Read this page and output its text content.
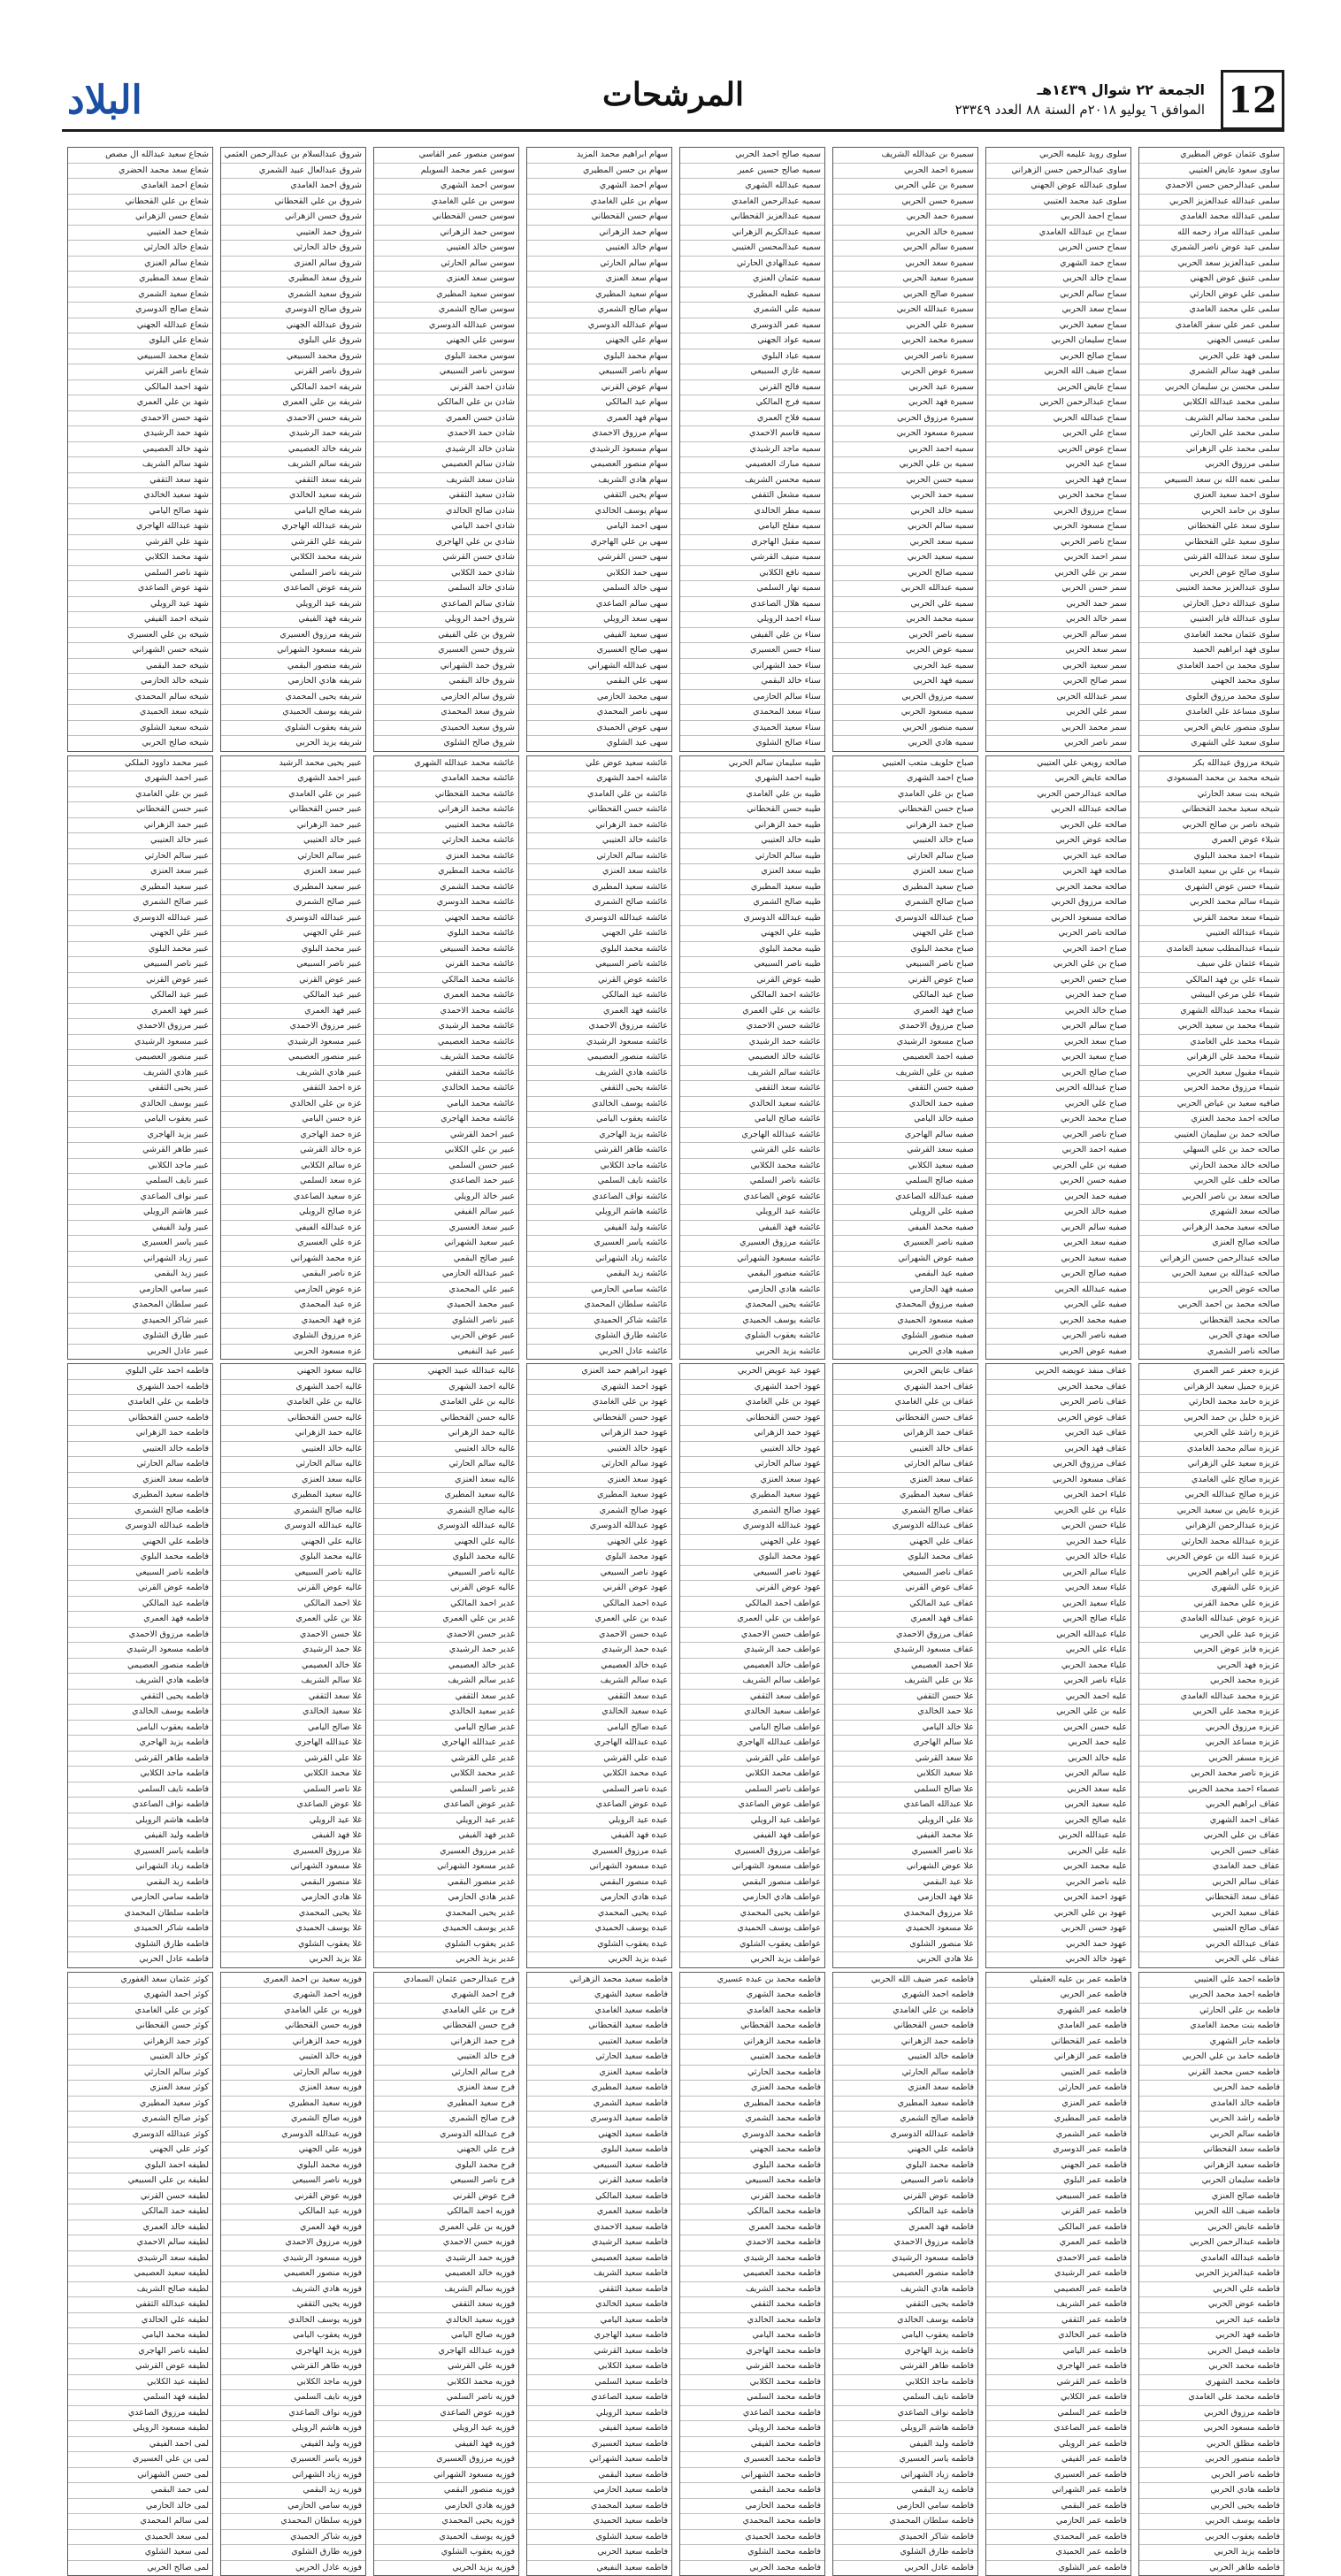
12
الجمعة ٢٢ شوال ١٤٣٩هـ
الموافق ٦ يوليو ٢٠١٨م السنة ٨٨ العدد ٢٣٣٤٩
المرشحات
البلاد
سلوى عثمان عوض المطيري
ساوى سعود عايض العتيبي
سلمى عبدالرحمن حسن الاحمدي
سلمى عبدالله عبدالعزيز الحربي
سلمى عبدالله محمد الغامدي
سلمى عبدالله مراد رحمه الله
سلمى عيد عوض ناصر الشمري
سلمى عبدالعزيز سعد الحربي
سلمى عتيق عوض الجهني
سلمى علي عوض الحارثي
سلمى علي محمد الغامدي
سلمى عمر علي سفر الغامدي
سلمى عيسى الجهني
سلمى فهد علي الحربي
سلمى فهيد سالم الشمري
سلمى محسن بن سليمان الحربي
سلمى محمد عبدالله الكلابي
سلمى محمد سالم الشريف
سلمى محمد علي الحارثي
سلمى محمد علي الزهراني
سلمى مرزوق الحربي
سلمى نعمه الله بن سعد السبيعي
سلوى احمد سعيد العنزي
سلوى بن حامد الحربي
سلوى سعد علي القحطاني
سلوى سعيد علي القحطاني
سلوى سعد عبدالله القرشي
سلوى صالح عوض الحربي
سلوى عبدالعزيز محمد العتيبي
سلوى عبدالله دخيل الحارثي
سلوى عبدالله فايز العتيبي
سلوى عثمان محمد الغامدي
سلوى فهد ابراهيم الحميد
سلوى محمد بن احمد الغامدي
سلوى محمد الجهني
سلوى محمد مرزوق العلوي
سلوى مساعد علي الغامدي
سلوى منصور عايض الحربي
سلوى سعيد علي الشهري
شيخة مرزوق عبدالله بكر
شيخه محمد بن محمد المسعودي
شيخه بنت سعد الحارثي
شيخه سعيد محمد القحطاني
شيخه ناصر بن صالح الحربي
شيلاء عوض العمري
شيماء احمد محمد البلوي
شيماء بن علي بن سعيد الغامدي
شيماء حسن عوض الشهري
شيماء سالم محمد الحربي
شيماء سعد محمد القرني
شيماء عبدالله العتيبي
شيماء عبدالمطلب سعيد الغامدي
شيماء عثمان علي سيف
شيماء علي بن فهد المالكي
شيماء علي مرعي البيشي
شيماء محمد عبدالله الشهري
شيماء محمد بن سعيد الحربي
شيماء محمد علي الغامدي
شيماء محمد علي الزهراني
شيماء مقبول سعيد الحربي
شيماء مرزوق محمد الحربي
صافيه سعيد بن عياض الحربي
صالحه احمد محمد العنزي
صالحه حمد بن سليمان العتيبي
صالحه حمد بن علي السهلي
صالحه خالد محمد الحارثي
صالحه خلف علي الحربي
صالحه سعد بن ناصر الحربي
صالحه سعد الشهري
صالحه سعيد محمد الزهراني
صالحه صالح العنزي
صالحه عبدالرحمن حسين الزهراني
صالحه عبدالله بن سعيد الحربي
صالحه عوض الحربي
صالحه محمد بن احمد الحربي
صالحه محمد القحطاني
صالحه مهدي الحربي
صالحه ناصر الشمري
عزيزه جعفر عمر العمري
عزيزه جميل سعيد الزهراني
عزيزه حامد محمد الحارثي
عزيزه خليل بن حمد الحربي
عزيزه راشد علي الحربي
عزيزه سالم محمد الغامدي
عزيزه سعيد علي الزهراني
عزيزه صالح علي الغامدي
عزيزه صالح عبدالله الحربي
عزيزه عايض بن سعيد الحربي
عزيزه عبدالرحمن الزهراني
عزيزه عبدالله محمد الحارثي
عزيزه عبيد الله بن عوض الحربي
عزيزه علي ابراهيم الحربي
عزيزه علي الشهري
عزيزه علي محمد القرني
عزيزه عوض عبدالله الغامدي
عزيزه عيد علي الحربي
عزيزه فايز عوض الحربي
عزيزه فهد الحربي
عزيزه محمد الحربي
عزيزه محمد عبدالله الغامدي
عزيزه محمد علي الحربي
عزيزه مرزوق الحربي
عزيزه مساعد الحربي
عزيزه مسفر الحربي
عزيزه ناصر محمد الحربي
عصماء احمد محمد الحربي
عفاف ابراهيم الحربي
عفاف احمد الشهري
عفاف بن علي الحربي
عفاف حسن الحربي
عفاف حمد الغامدي
عفاف سالم الحربي
عفاف سعد القحطاني
عفاف سعيد الحربي
عفاف صالح العتيبي
عفاف عبدالله الحربي
عفاف علي الحربي
فاطمه احمد علي العتيبي
فاطمه احمد محمد الحربي
فاطمه بن علي الحارثي
فاطمه بنت محمد الغامدي
فاطمه جابر الشهري
فاطمه حامد بن علي الحربي
فاطمه حسن محمد القرني
فاطمه حمد الحربي
فاطمه خالد الغامدي
فاطمه راشد الحربي
فاطمه سالم الحربي
فاطمه سعد القحطاني
فاطمه سعيد الزهراني
فاطمه سليمان الحربي
فاطمه صالح العنزي
فاطمه ضيف الله الحربي
فاطمه عايض الحربي
فاطمه عبدالرحمن الحربي
فاطمه عبدالله الغامدي
فاطمه عبدالعزيز الحربي
فاطمه علي الحربي
فاطمه عوض الحربي
فاطمه عيد الحربي
فاطمه فهد الحربي
فاطمه فيصل الحربي
فاطمه محمد الحربي
فاطمه محمد الشهري
فاطمه محمد علي الغامدي
فاطمه مرزوق الحربي
فاطمه مسعود الحربي
فاطمه مطلق الحربي
فاطمه منصور الحربي
فاطمه ناصر الحربي
فاطمه هادي الحربي
فاطمه يحيى الحربي
فاطمه يوسف الحربي
فاطمه يعقوب الحربي
فاطمه يزيد الحربي
فاطمه طاهر الحربي
سلوى رويد عليمه الحربي
ساوى عبدالرحمن حسن الزهراني
سلوى عبدالله عوض الجهني
سلوى عيد محمد العتيبي
سماح احمد الحربي
سماح بن عبدالله الغامدي
سماح حسن الحربي
سماح حمد الشهري
سماح خالد الحربي
سماح سالم الحربي
سماح سعد الحربي
سماح سعيد الحربي
سماح سليمان الحربي
سماح صالح الحربي
سماح ضيف الله الحربي
سماح عايض الحربي
سماح عبدالرحمن الحربي
سماح عبدالله الحربي
سماح علي الحربي
سماح عوض الحربي
سماح عيد الحربي
سماح فهد الحربي
سماح محمد الحربي
سماح مرزوق الحربي
سماح مسعود الحربي
سماح ناصر الحربي
سمر احمد الحربي
سمر بن علي الحربي
سمر حسن الحربي
سمر حمد الحربي
سمر خالد الحربي
سمر سالم الحربي
سمر سعد الحربي
سمر سعيد الحربي
سمر صالح الحربي
سمر عبدالله الحربي
سمر علي الحربي
سمر محمد الحربي
سمر ناصر الحربي
صالحه رويعي علي العتيبي
صالحه عايض الحربي
صالحه عبدالرحمن الحربي
صالحه عبدالله الحربي
صالحه علي الحربي
صالحه عوض الحربي
صالحه عيد الحربي
صالحه فهد الحربي
صالحه محمد الحربي
صالحه مرزوق الحربي
صالحه مسعود الحربي
صالحه ناصر الحربي
صباح احمد الحربي
صباح بن علي الحربي
صباح حسن الحربي
صباح حمد الحربي
صباح خالد الحربي
صباح سالم الحربي
صباح سعد الحربي
صباح سعيد الحربي
صباح صالح الحربي
صباح عبدالله الحربي
صباح علي الحربي
صباح محمد الحربي
صباح ناصر الحربي
صفيه احمد الحربي
صفيه بن علي الحربي
صفيه حسن الحربي
صفيه حمد الحربي
صفيه خالد الحربي
صفيه سالم الحربي
صفيه سعد الحربي
صفيه سعيد الحربي
صفيه صالح الحربي
صفيه عبدالله الحربي
صفيه علي الحربي
صفيه محمد الحربي
صفيه ناصر الحربي
صفيه عوض الحربي
عفاف منفذ عويضه الحربي
عفاف محمد الحربي
عفاف ناصر الحربي
عفاف عوض الحربي
عفاف عيد الحربي
عفاف فهد الحربي
عفاف مرزوق الحربي
عفاف مسعود الحربي
علياء احمد الحربي
علياء بن علي الحربي
علياء حسن الحربي
علياء حمد الحربي
علياء خالد الحربي
علياء سالم الحربي
علياء سعد الحربي
علياء سعيد الحربي
علياء صالح الحربي
علياء عبدالله الحربي
علياء علي الحربي
علياء محمد الحربي
علياء ناصر الحربي
عليه احمد الحربي
عليه بن علي الحربي
عليه حسن الحربي
عليه حمد الحربي
عليه خالد الحربي
عليه سالم الحربي
عليه سعد الحربي
عليه سعيد الحربي
عليه صالح الحربي
عليه عبدالله الحربي
عليه علي الحربي
عليه محمد الحربي
عليه ناصر الحربي
عهود احمد الحربي
عهود بن علي الحربي
عهود حسن الحربي
عهود حمد الحربي
عهود خالد الحربي
فاطمه عمر بن عليه العقيلي
فاطمه عمر الحربي
فاطمه عمر الشهري
فاطمه عمر الغامدي
فاطمه عمر القحطاني
فاطمه عمر الزهراني
فاطمه عمر العتيبي
فاطمه عمر الحارثي
فاطمه عمر العنزي
فاطمه عمر المطيري
فاطمه عمر الشمري
فاطمه عمر الدوسري
فاطمه عمر الجهني
فاطمه عمر البلوي
فاطمه عمر السبيعي
فاطمه عمر القرني
فاطمه عمر المالكي
فاطمه عمر العمري
فاطمه عمر الاحمدي
فاطمه عمر الرشيدي
فاطمه عمر العصيمي
فاطمه عمر الشريف
فاطمه عمر الثقفي
فاطمه عمر الخالدي
فاطمه عمر اليامي
فاطمه عمر الهاجري
فاطمه عمر القرشي
فاطمه عمر الكلابي
فاطمه عمر السلمي
فاطمه عمر الصاعدي
فاطمه عمر الرويلي
فاطمه عمر الفيفي
فاطمه عمر العسيري
فاطمه عمر الشهراني
فاطمه عمر البقمي
فاطمه عمر الحازمي
فاطمه عمر المحمدي
فاطمه عمر الحميدي
فاطمه عمر الشلوي
سميرة بن عبدالله الشريف
سميرة احمد الحربي
سميرة بن علي الحربي
سميرة حسن الحربي
سميرة حمد الحربي
سميرة خالد الحربي
سميرة سالم الحربي
سميرة سعد الحربي
سميرة سعيد الحربي
سميرة صالح الحربي
سميرة عبدالله الحربي
سميرة علي الحربي
سميرة محمد الحربي
سميرة ناصر الحربي
سميرة عوض الحربي
سميرة عيد الحربي
سميرة فهد الحربي
سميرة مرزوق الحربي
سميرة مسعود الحربي
سميه احمد الحربي
سميه بن علي الحربي
سميه حسن الحربي
سميه حمد الحربي
سميه خالد الحربي
سميه سالم الحربي
سميه سعد الحربي
سميه سعيد الحربي
سميه صالح الحربي
سميه عبدالله الحربي
سميه علي الحربي
سميه محمد الحربي
سميه ناصر الحربي
سميه عوض الحربي
سميه عيد الحربي
سميه فهد الحربي
سميه مرزوق الحربي
سميه مسعود الحربي
سميه منصور الحربي
سميه هادي الحربي
صباح حلويف متعب العتيبي
صباح احمد الشهري
صباح بن علي الغامدي
صباح حسن القحطاني
صباح حمد الزهراني
صباح خالد العتيبي
صباح سالم الحارثي
صباح سعد العنزي
صباح سعيد المطيري
صباح صالح الشمري
صباح عبدالله الدوسري
صباح علي الجهني
صباح محمد البلوي
صباح ناصر السبيعي
صباح عوض القرني
صباح عيد المالكي
صباح فهد العمري
صباح مرزوق الاحمدي
صباح مسعود الرشيدي
صفيه احمد العصيمي
صفيه بن علي الشريف
صفيه حسن الثقفي
صفيه حمد الخالدي
صفيه خالد اليامي
صفيه سالم الهاجري
صفيه سعد القرشي
صفيه سعيد الكلابي
صفيه صالح السلمي
صفيه عبدالله الصاعدي
صفيه علي الرويلي
صفيه محمد الفيفي
صفيه ناصر العسيري
صفيه عوض الشهراني
صفيه عيد البقمي
صفيه فهد الحازمي
صفيه مرزوق المحمدي
صفيه مسعود الحميدي
صفيه منصور الشلوي
صفيه هادي الحربي
عفاف عايض الحربي
عفاف احمد الشهري
عفاف بن علي الغامدي
عفاف حسن القحطاني
عفاف حمد الزهراني
عفاف خالد العتيبي
عفاف سالم الحارثي
عفاف سعد العنزي
عفاف سعيد المطيري
عفاف صالح الشمري
عفاف عبدالله الدوسري
عفاف علي الجهني
عفاف محمد البلوي
عفاف ناصر السبيعي
عفاف عوض القرني
عفاف عيد المالكي
عفاف فهد العمري
عفاف مرزوق الاحمدي
عفاف مسعود الرشيدي
علا احمد العصيمي
علا بن علي الشريف
علا حسن الثقفي
علا حمد الخالدي
علا خالد اليامي
علا سالم الهاجري
علا سعد القرشي
علا سعيد الكلابي
علا صالح السلمي
علا عبدالله الصاعدي
علا علي الرويلي
علا محمد الفيفي
علا ناصر العسيري
علا عوض الشهراني
علا عيد البقمي
علا فهد الحازمي
علا مرزوق المحمدي
علا مسعود الحميدي
علا منصور الشلوي
علا هادي الحربي
فاطمه عمر ضيف الله الحربي
فاطمه احمد الشهري
فاطمه بن علي الغامدي
فاطمه حسن القحطاني
فاطمه حمد الزهراني
فاطمه خالد العتيبي
فاطمه سالم الحارثي
فاطمه سعد العنزي
فاطمه سعيد المطيري
فاطمه صالح الشمري
فاطمه عبدالله الدوسري
فاطمه علي الجهني
فاطمه محمد البلوي
فاطمه ناصر السبيعي
فاطمه عوض القرني
فاطمه عيد المالكي
فاطمه فهد العمري
فاطمه مرزوق الاحمدي
فاطمه مسعود الرشيدي
فاطمه منصور العصيمي
فاطمه هادي الشريف
فاطمه يحيى الثقفي
فاطمه يوسف الخالدي
فاطمه يعقوب اليامي
فاطمه يزيد الهاجري
فاطمه طاهر القرشي
فاطمه ماجد الكلابي
فاطمه نايف السلمي
فاطمه نواف الصاعدي
فاطمه هاشم الرويلي
فاطمه وليد الفيفي
فاطمه ياسر العسيري
فاطمه زياد الشهراني
فاطمه زيد البقمي
فاطمه سامي الحازمي
فاطمه سلطان المحمدي
فاطمه شاكر الحميدي
فاطمه طارق الشلوي
فاطمه عادل الحربي
سميه صالح احمد الحربي
سميه صالح حسين عمير
سميه عبدالله الشهري
سميه عبدالرحمن الغامدي
سميه عبدالعزيز القحطاني
سميه عبدالكريم الزهراني
سميه عبدالمحسن العتيبي
سميه عبدالهادي الحارثي
سميه عثمان العنزي
سميه عطيه المطيري
سميه علي الشمري
سميه عمر الدوسري
سميه عواد الجهني
سميه عياد البلوي
سميه غازي السبيعي
سميه فالح القرني
سميه فرج المالكي
سميه فلاح العمري
سميه قاسم الاحمدي
سميه ماجد الرشيدي
سميه مبارك العصيمي
سميه محسن الشريف
سميه مشعل الثقفي
سميه مطر الخالدي
سميه مفلح اليامي
سميه مقبل الهاجري
سميه منيف القرشي
سميه نافع الكلابي
سميه نهار السلمي
سميه هلال الصاعدي
سناء احمد الرويلي
سناء بن علي الفيفي
سناء حسن العسيري
سناء حمد الشهراني
سناء خالد البقمي
سناء سالم الحازمي
سناء سعد المحمدي
سناء سعيد الحميدي
سناء صالح الشلوي
طيبه سليمان سالم الحربي
طيبه احمد الشهري
طيبه بن علي الغامدي
طيبه حسن القحطاني
طيبه حمد الزهراني
طيبه خالد العتيبي
طيبه سالم الحارثي
طيبه سعد العنزي
طيبه سعيد المطيري
طيبه صالح الشمري
طيبه عبدالله الدوسري
طيبه علي الجهني
طيبه محمد البلوي
طيبه ناصر السبيعي
طيبه عوض القرني
عائشه احمد المالكي
عائشه بن علي العمري
عائشه حسن الاحمدي
عائشه حمد الرشيدي
عائشه خالد العصيمي
عائشه سالم الشريف
عائشه سعد الثقفي
عائشه سعيد الخالدي
عائشه صالح اليامي
عائشه عبدالله الهاجري
عائشه علي القرشي
عائشه محمد الكلابي
عائشه ناصر السلمي
عائشه عوض الصاعدي
عائشه عيد الرويلي
عائشه فهد الفيفي
عائشه مرزوق العسيري
عائشه مسعود الشهراني
عائشه منصور البقمي
عائشه هادي الحازمي
عائشه يحيى المحمدي
عائشه يوسف الحميدي
عائشه يعقوب الشلوي
عائشه يزيد الحربي
عهود عيد عويض الحربي
عهود احمد الشهري
عهود بن علي الغامدي
عهود حسن القحطاني
عهود حمد الزهراني
عهود خالد العتيبي
عهود سالم الحارثي
عهود سعد العنزي
عهود سعيد المطيري
عهود صالح الشمري
عهود عبدالله الدوسري
عهود علي الجهني
عهود محمد البلوي
عهود ناصر السبيعي
عهود عوض القرني
عواطف احمد المالكي
عواطف بن علي العمري
عواطف حسن الاحمدي
عواطف حمد الرشيدي
عواطف خالد العصيمي
عواطف سالم الشريف
عواطف سعد الثقفي
عواطف سعيد الخالدي
عواطف صالح اليامي
عواطف عبدالله الهاجري
عواطف علي القرشي
عواطف محمد الكلابي
عواطف ناصر السلمي
عواطف عوض الصاعدي
عواطف عيد الرويلي
عواطف فهد الفيفي
عواطف مرزوق العسيري
عواطف مسعود الشهراني
عواطف منصور البقمي
عواطف هادي الحازمي
عواطف يحيى المحمدي
عواطف يوسف الحميدي
عواطف يعقوب الشلوي
عواطف يزيد الحربي
فاطمه محمد بن عبده عسيري
فاطمه محمد الشهري
فاطمه محمد الغامدي
فاطمه محمد القحطاني
فاطمه محمد الزهراني
فاطمه محمد العتيبي
فاطمه محمد الحارثي
فاطمه محمد العنزي
فاطمه محمد المطيري
فاطمه محمد الشمري
فاطمه محمد الدوسري
فاطمه محمد الجهني
فاطمه محمد البلوي
فاطمه محمد السبيعي
فاطمه محمد القرني
فاطمه محمد المالكي
فاطمه محمد العمري
فاطمه محمد الاحمدي
فاطمه محمد الرشيدي
فاطمه محمد العصيمي
فاطمه محمد الشريف
فاطمه محمد الثقفي
فاطمه محمد الخالدي
فاطمه محمد اليامي
فاطمه محمد الهاجري
فاطمه محمد القرشي
فاطمه محمد الكلابي
فاطمه محمد السلمي
فاطمه محمد الصاعدي
فاطمه محمد الرويلي
فاطمه محمد الفيفي
فاطمه محمد العسيري
فاطمه محمد الشهراني
فاطمه محمد البقمي
فاطمه محمد الحازمي
فاطمه محمد المحمدي
فاطمه محمد الحميدي
فاطمه محمد الشلوي
فاطمه محمد الحربي
سهام ابراهيم محمد المزيد
سهام بن حسن المطيري
سهام احمد الشهري
سهام بن علي الغامدي
سهام حسن القحطاني
سهام حمد الزهراني
سهام خالد العتيبي
سهام سالم الحارثي
سهام سعد العنزي
سهام سعيد المطيري
سهام صالح الشمري
سهام عبدالله الدوسري
سهام علي الجهني
سهام محمد البلوي
سهام ناصر السبيعي
سهام عوض القرني
سهام عيد المالكي
سهام فهد العمري
سهام مرزوق الاحمدي
سهام مسعود الرشيدي
سهام منصور العصيمي
سهام هادي الشريف
سهام يحيى الثقفي
سهام يوسف الخالدي
سهى احمد اليامي
سهى بن علي الهاجري
سهى حسن القرشي
سهى حمد الكلابي
سهى خالد السلمي
سهى سالم الصاعدي
سهى سعد الرويلي
سهى سعيد الفيفي
سهى صالح العسيري
سهى عبدالله الشهراني
سهى علي البقمي
سهى محمد الحازمي
سهى ناصر المحمدي
سهى عوض الحميدي
سهى عيد الشلوي
عائشه سعيد عوض علي
عائشه احمد الشهري
عائشه بن علي الغامدي
عائشه حسن القحطاني
عائشه حمد الزهراني
عائشه خالد العتيبي
عائشه سالم الحارثي
عائشه سعد العنزي
عائشه سعيد المطيري
عائشه صالح الشمري
عائشه عبدالله الدوسري
عائشه علي الجهني
عائشه محمد البلوي
عائشه ناصر السبيعي
عائشه عوض القرني
عائشه عيد المالكي
عائشه فهد العمري
عائشه مرزوق الاحمدي
عائشه مسعود الرشيدي
عائشه منصور العصيمي
عائشه هادي الشريف
عائشه يحيى الثقفي
عائشه يوسف الخالدي
عائشه يعقوب اليامي
عائشه يزيد الهاجري
عائشه طاهر القرشي
عائشه ماجد الكلابي
عائشه نايف السلمي
عائشه نواف الصاعدي
عائشه هاشم الرويلي
عائشه وليد الفيفي
عائشه ياسر العسيري
عائشه زياد الشهراني
عائشه زيد البقمي
عائشه سامي الحازمي
عائشه سلطان المحمدي
عائشه شاكر الحميدي
عائشه طارق الشلوي
عائشه عادل الحربي
عهود ابراهيم حمد العنزي
عهود احمد الشهري
عهود بن علي الغامدي
عهود حسن القحطاني
عهود حمد الزهراني
عهود خالد العتيبي
عهود سالم الحارثي
عهود سعد العنزي
عهود سعيد المطيري
عهود صالح الشمري
عهود عبدالله الدوسري
عهود علي الجهني
عهود محمد البلوي
عهود ناصر السبيعي
عهود عوض القرني
عيده احمد المالكي
عيده بن علي العمري
عيده حسن الاحمدي
عيده حمد الرشيدي
عيده خالد العصيمي
عيده سالم الشريف
عيده سعد الثقفي
عيده سعيد الخالدي
عيده صالح اليامي
عيده عبدالله الهاجري
عيده علي القرشي
عيده محمد الكلابي
عيده ناصر السلمي
عيده عوض الصاعدي
عيده عيد الرويلي
عيده فهد الفيفي
عيده مرزوق العسيري
عيده مسعود الشهراني
عيده منصور البقمي
عيده هادي الحازمي
عيده يحيى المحمدي
عيده يوسف الحميدي
عيده يعقوب الشلوي
عيده يزيد الحربي
فاطمه سعيد محمد الزهراني
فاطمه سعيد الشهري
فاطمه سعيد الغامدي
فاطمه سعيد القحطاني
فاطمه سعيد العتيبي
فاطمه سعيد الحارثي
فاطمه سعيد العنزي
فاطمه سعيد المطيري
فاطمه سعيد الشمري
فاطمه سعيد الدوسري
فاطمه سعيد الجهني
فاطمه سعيد البلوي
فاطمه سعيد السبيعي
فاطمه سعيد القرني
فاطمه سعيد المالكي
فاطمه سعيد العمري
فاطمه سعيد الاحمدي
فاطمه سعيد الرشيدي
فاطمه سعيد العصيمي
فاطمه سعيد الشريف
فاطمه سعيد الثقفي
فاطمه سعيد الخالدي
فاطمه سعيد اليامي
فاطمه سعيد الهاجري
فاطمه سعيد القرشي
فاطمه سعيد الكلابي
فاطمه سعيد السلمي
فاطمه سعيد الصاعدي
فاطمه سعيد الرويلي
فاطمه سعيد الفيفي
فاطمه سعيد العسيري
فاطمه سعيد الشهراني
فاطمه سعيد البقمي
فاطمه سعيد الحازمي
فاطمه سعيد المحمدي
فاطمه سعيد الحميدي
فاطمه سعيد الشلوي
فاطمه سعيد الحربي
فاطمه سعيد النفيعي
سوسن منصور عمر القاسي
سوسن عمر محمد السويلم
سوسن احمد الشهري
سوسن بن علي الغامدي
سوسن حسن القحطاني
سوسن حمد الزهراني
سوسن خالد العتيبي
سوسن سالم الحارثي
سوسن سعد العنزي
سوسن سعيد المطيري
سوسن صالح الشمري
سوسن عبدالله الدوسري
سوسن علي الجهني
سوسن محمد البلوي
سوسن ناصر السبيعي
شادن احمد القرني
شادن بن علي المالكي
شادن حسن العمري
شادن حمد الاحمدي
شادن خالد الرشيدي
شادن سالم العصيمي
شادن سعد الشريف
شادن سعيد الثقفي
شادن صالح الخالدي
شادي احمد اليامي
شادي بن علي الهاجري
شادي حسن القرشي
شادي حمد الكلابي
شادي خالد السلمي
شادي سالم الصاعدي
شروق احمد الرويلي
شروق بن علي الفيفي
شروق حسن العسيري
شروق حمد الشهراني
شروق خالد البقمي
شروق سالم الحازمي
شروق سعد المحمدي
شروق سعيد الحميدي
شروق صالح الشلوي
عائشه محمد عبدالله الشهري
عائشه محمد الغامدي
عائشه محمد القحطاني
عائشه محمد الزهراني
عائشه محمد العتيبي
عائشه محمد الحارثي
عائشه محمد العنزي
عائشه محمد المطيري
عائشه محمد الشمري
عائشه محمد الدوسري
عائشه محمد الجهني
عائشه محمد البلوي
عائشه محمد السبيعي
عائشه محمد القرني
عائشه محمد المالكي
عائشه محمد العمري
عائشه محمد الاحمدي
عائشه محمد الرشيدي
عائشه محمد العصيمي
عائشه محمد الشريف
عائشه محمد الثقفي
عائشه محمد الخالدي
عائشه محمد اليامي
عائشه محمد الهاجري
عبير احمد القرشي
عبير بن علي الكلابي
عبير حسن السلمي
عبير حمد الصاعدي
عبير خالد الرويلي
عبير سالم الفيفي
عبير سعد العسيري
عبير سعيد الشهراني
عبير صالح البقمي
عبير عبدالله الحازمي
عبير علي المحمدي
عبير محمد الحميدي
عبير ناصر الشلوي
عبير عوض الحربي
عبير عيد النفيعي
غاليه عبدالله عبيد الجهني
غاليه احمد الشهري
غاليه بن علي الغامدي
غاليه حسن القحطاني
غاليه حمد الزهراني
غاليه خالد العتيبي
غاليه سالم الحارثي
غاليه سعد العنزي
غاليه سعيد المطيري
غاليه صالح الشمري
غاليه عبدالله الدوسري
غاليه علي الجهني
غاليه محمد البلوي
غاليه ناصر السبيعي
غاليه عوض القرني
غدير احمد المالكي
غدير بن علي العمري
غدير حسن الاحمدي
غدير حمد الرشيدي
غدير خالد العصيمي
غدير سالم الشريف
غدير سعد الثقفي
غدير سعيد الخالدي
غدير صالح اليامي
غدير عبدالله الهاجري
غدير علي القرشي
غدير محمد الكلابي
غدير ناصر السلمي
غدير عوض الصاعدي
غدير عيد الرويلي
غدير فهد الفيفي
غدير مرزوق العسيري
غدير مسعود الشهراني
غدير منصور البقمي
غدير هادي الحازمي
غدير يحيى المحمدي
غدير يوسف الحميدي
غدير يعقوب الشلوي
غدير يزيد الحربي
فرح عبدالرحمن عثمان السمادي
فرح احمد الشهري
فرح بن علي الغامدي
فرح حسن القحطاني
فرح حمد الزهراني
فرح خالد العتيبي
فرح سالم الحارثي
فرح سعد العنزي
فرح سعيد المطيري
فرح صالح الشمري
فرح عبدالله الدوسري
فرح علي الجهني
فرح محمد البلوي
فرح ناصر السبيعي
فرح عوض القرني
فوزيه احمد المالكي
فوزيه بن علي العمري
فوزيه حسن الاحمدي
فوزيه حمد الرشيدي
فوزيه خالد العصيمي
فوزيه سالم الشريف
فوزيه سعد الثقفي
فوزيه سعيد الخالدي
فوزيه صالح اليامي
فوزيه عبدالله الهاجري
فوزيه علي القرشي
فوزيه محمد الكلابي
فوزيه ناصر السلمي
فوزيه عوض الصاعدي
فوزيه عيد الرويلي
فوزيه فهد الفيفي
فوزيه مرزوق العسيري
فوزيه مسعود الشهراني
فوزيه منصور البقمي
فوزيه هادي الحازمي
فوزيه يحيى المحمدي
فوزيه يوسف الحميدي
فوزيه يعقوب الشلوي
فوزيه يزيد الحربي
شروق عبدالسلام بن عبدالرحمن العثمي
شروق عبدالعال عبيد الشمري
شروق احمد الغامدي
شروق بن علي القحطاني
شروق حسن الزهراني
شروق حمد العتيبي
شروق خالد الحارثي
شروق سالم العنزي
شروق سعد المطيري
شروق سعيد الشمري
شروق صالح الدوسري
شروق عبدالله الجهني
شروق علي البلوي
شروق محمد السبيعي
شروق ناصر القرني
شريفه احمد المالكي
شريفه بن علي العمري
شريفه حسن الاحمدي
شريفه حمد الرشيدي
شريفه خالد العصيمي
شريفه سالم الشريف
شريفه سعد الثقفي
شريفه سعيد الخالدي
شريفه صالح اليامي
شريفه عبدالله الهاجري
شريفه علي القرشي
شريفه محمد الكلابي
شريفه ناصر السلمي
شريفه عوض الصاعدي
شريفه عيد الرويلي
شريفه فهد الفيفي
شريفه مرزوق العسيري
شريفه مسعود الشهراني
شريفه منصور البقمي
شريفه هادي الحازمي
شريفه يحيى المحمدي
شريفه يوسف الحميدي
شريفه يعقوب الشلوي
شريفه يزيد الحربي
عبير يحيى محمد الرشيد
عبير احمد الشهري
عبير بن علي الغامدي
عبير حسن القحطاني
عبير حمد الزهراني
عبير خالد العتيبي
عبير سالم الحارثي
عبير سعد العنزي
عبير سعيد المطيري
عبير صالح الشمري
عبير عبدالله الدوسري
عبير علي الجهني
عبير محمد البلوي
عبير ناصر السبيعي
عبير عوض القرني
عبير عيد المالكي
عبير فهد العمري
عبير مرزوق الاحمدي
عبير مسعود الرشيدي
عبير منصور العصيمي
عبير هادي الشريف
عزه احمد الثقفي
عزه بن علي الخالدي
عزه حسن اليامي
عزه حمد الهاجري
عزه خالد القرشي
عزه سالم الكلابي
عزه سعد السلمي
عزه سعيد الصاعدي
عزه صالح الرويلي
عزه عبدالله الفيفي
عزه علي العسيري
عزه محمد الشهراني
عزه ناصر البقمي
عزه عوض الحازمي
عزه عيد المحمدي
عزه فهد الحميدي
عزه مرزوق الشلوي
عزه مسعود الحربي
غاليه سعود الجهني
غاليه احمد الشهري
غاليه بن علي الغامدي
غاليه حسن القحطاني
غاليه حمد الزهراني
غاليه خالد العتيبي
غاليه سالم الحارثي
غاليه سعد العنزي
غاليه سعيد المطيري
غاليه صالح الشمري
غاليه عبدالله الدوسري
غاليه علي الجهني
غاليه محمد البلوي
غاليه ناصر السبيعي
غاليه عوض القرني
غلا احمد المالكي
غلا بن علي العمري
غلا حسن الاحمدي
غلا حمد الرشيدي
غلا خالد العصيمي
غلا سالم الشريف
غلا سعد الثقفي
غلا سعيد الخالدي
غلا صالح اليامي
غلا عبدالله الهاجري
غلا علي القرشي
غلا محمد الكلابي
غلا ناصر السلمي
غلا عوض الصاعدي
غلا عيد الرويلي
غلا فهد الفيفي
غلا مرزوق العسيري
غلا مسعود الشهراني
غلا منصور البقمي
غلا هادي الحازمي
غلا يحيى المحمدي
غلا يوسف الحميدي
غلا يعقوب الشلوي
غلا يزيد الحربي
فوزيه سعيد بن احمد العمري
فوزيه احمد الشهري
فوزيه بن علي الغامدي
فوزيه حسن القحطاني
فوزيه حمد الزهراني
فوزيه خالد العتيبي
فوزيه سالم الحارثي
فوزيه سعد العنزي
فوزيه سعيد المطيري
فوزيه صالح الشمري
فوزيه عبدالله الدوسري
فوزيه علي الجهني
فوزيه محمد البلوي
فوزيه ناصر السبيعي
فوزيه عوض القرني
فوزيه عيد المالكي
فوزيه فهد العمري
فوزيه مرزوق الاحمدي
فوزيه مسعود الرشيدي
فوزيه منصور العصيمي
فوزيه هادي الشريف
فوزيه يحيى الثقفي
فوزيه يوسف الخالدي
فوزيه يعقوب اليامي
فوزيه يزيد الهاجري
فوزيه طاهر القرشي
فوزيه ماجد الكلابي
فوزيه نايف السلمي
فوزيه نواف الصاعدي
فوزيه هاشم الرويلي
فوزيه وليد الفيفي
فوزيه ياسر العسيري
فوزيه زياد الشهراني
فوزيه زيد البقمي
فوزيه سامي الحازمي
فوزيه سلطان المحمدي
فوزيه شاكر الحميدي
فوزيه طارق الشلوي
فوزيه عادل الحربي
شجاع سعيد عبدالله ال مصص
شعاع سعد محمد الحضري
شعاع احمد الغامدي
شعاع بن علي القحطاني
شعاع حسن الزهراني
شعاع حمد العتيبي
شعاع خالد الحارثي
شعاع سالم العنزي
شعاع سعد المطيري
شعاع سعيد الشمري
شعاع صالح الدوسري
شعاع عبدالله الجهني
شعاع علي البلوي
شعاع محمد السبيعي
شعاع ناصر القرني
شهد احمد المالكي
شهد بن علي العمري
شهد حسن الاحمدي
شهد حمد الرشيدي
شهد خالد العصيمي
شهد سالم الشريف
شهد سعد الثقفي
شهد سعيد الخالدي
شهد صالح اليامي
شهد عبدالله الهاجري
شهد علي القرشي
شهد محمد الكلابي
شهد ناصر السلمي
شهد عوض الصاعدي
شهد عيد الرويلي
شيخه احمد الفيفي
شيخه بن علي العسيري
شيخه حسن الشهراني
شيخه حمد البقمي
شيخه خالد الحازمي
شيخه سالم المحمدي
شيخه سعد الحميدي
شيخه سعيد الشلوي
شيخه صالح الحربي
عبير محمد داوود الملكي
عبير احمد الشهري
عبير بن علي الغامدي
عبير حسن القحطاني
عبير حمد الزهراني
عبير خالد العتيبي
عبير سالم الحارثي
عبير سعد العنزي
عبير سعيد المطيري
عبير صالح الشمري
عبير عبدالله الدوسري
عبير علي الجهني
عبير محمد البلوي
عبير ناصر السبيعي
عبير عوض القرني
عبير عيد المالكي
عبير فهد العمري
عبير مرزوق الاحمدي
عبير مسعود الرشيدي
عبير منصور العصيمي
عبير هادي الشريف
عبير يحيى الثقفي
عبير يوسف الخالدي
عبير يعقوب اليامي
عبير يزيد الهاجري
عبير طاهر القرشي
عبير ماجد الكلابي
عبير نايف السلمي
عبير نواف الصاعدي
عبير هاشم الرويلي
عبير وليد الفيفي
عبير ياسر العسيري
عبير زياد الشهراني
عبير زيد البقمي
عبير سامي الحازمي
عبير سلطان المحمدي
عبير شاكر الحميدي
عبير طارق الشلوي
عبير عادل الحربي
فاطمه احمد علي البلوي
فاطمه احمد الشهري
فاطمه بن علي الغامدي
فاطمه حسن القحطاني
فاطمه حمد الزهراني
فاطمه خالد العتيبي
فاطمه سالم الحارثي
فاطمه سعد العنزي
فاطمه سعيد المطيري
فاطمه صالح الشمري
فاطمه عبدالله الدوسري
فاطمه علي الجهني
فاطمه محمد البلوي
فاطمه ناصر السبيعي
فاطمه عوض القرني
فاطمه عيد المالكي
فاطمه فهد العمري
فاطمه مرزوق الاحمدي
فاطمه مسعود الرشيدي
فاطمه منصور العصيمي
فاطمه هادي الشريف
فاطمه يحيى الثقفي
فاطمه يوسف الخالدي
فاطمه يعقوب اليامي
فاطمه يزيد الهاجري
فاطمه طاهر القرشي
فاطمه ماجد الكلابي
فاطمه نايف السلمي
فاطمه نواف الصاعدي
فاطمه هاشم الرويلي
فاطمه وليد الفيفي
فاطمه ياسر العسيري
فاطمه زياد الشهراني
فاطمه زيد البقمي
فاطمه سامي الحازمي
فاطمه سلطان المحمدي
فاطمه شاكر الحميدي
فاطمه طارق الشلوي
فاطمه عادل الحربي
كوثر عثمان سعد الغفوري
كوثر احمد الشهري
كوثر بن علي الغامدي
كوثر حسن القحطاني
كوثر حمد الزهراني
كوثر خالد العتيبي
كوثر سالم الحارثي
كوثر سعد العنزي
كوثر سعيد المطيري
كوثر صالح الشمري
كوثر عبدالله الدوسري
كوثر علي الجهني
لطيفه احمد البلوي
لطيفه بن علي السبيعي
لطيفه حسن القرني
لطيفه حمد المالكي
لطيفه خالد العمري
لطيفه سالم الاحمدي
لطيفه سعد الرشيدي
لطيفه سعيد العصيمي
لطيفه صالح الشريف
لطيفه عبدالله الثقفي
لطيفه علي الخالدي
لطيفه محمد اليامي
لطيفه ناصر الهاجري
لطيفه عوض القرشي
لطيفه عيد الكلابي
لطيفه فهد السلمي
لطيفه مرزوق الصاعدي
لطيفه مسعود الرويلي
لمى احمد الفيفي
لمى بن علي العسيري
لمى حسن الشهراني
لمى حمد البقمي
لمى خالد الحازمي
لمى سالم المحمدي
لمى سعد الحميدي
لمى سعيد الشلوي
لمى صالح الحربي
